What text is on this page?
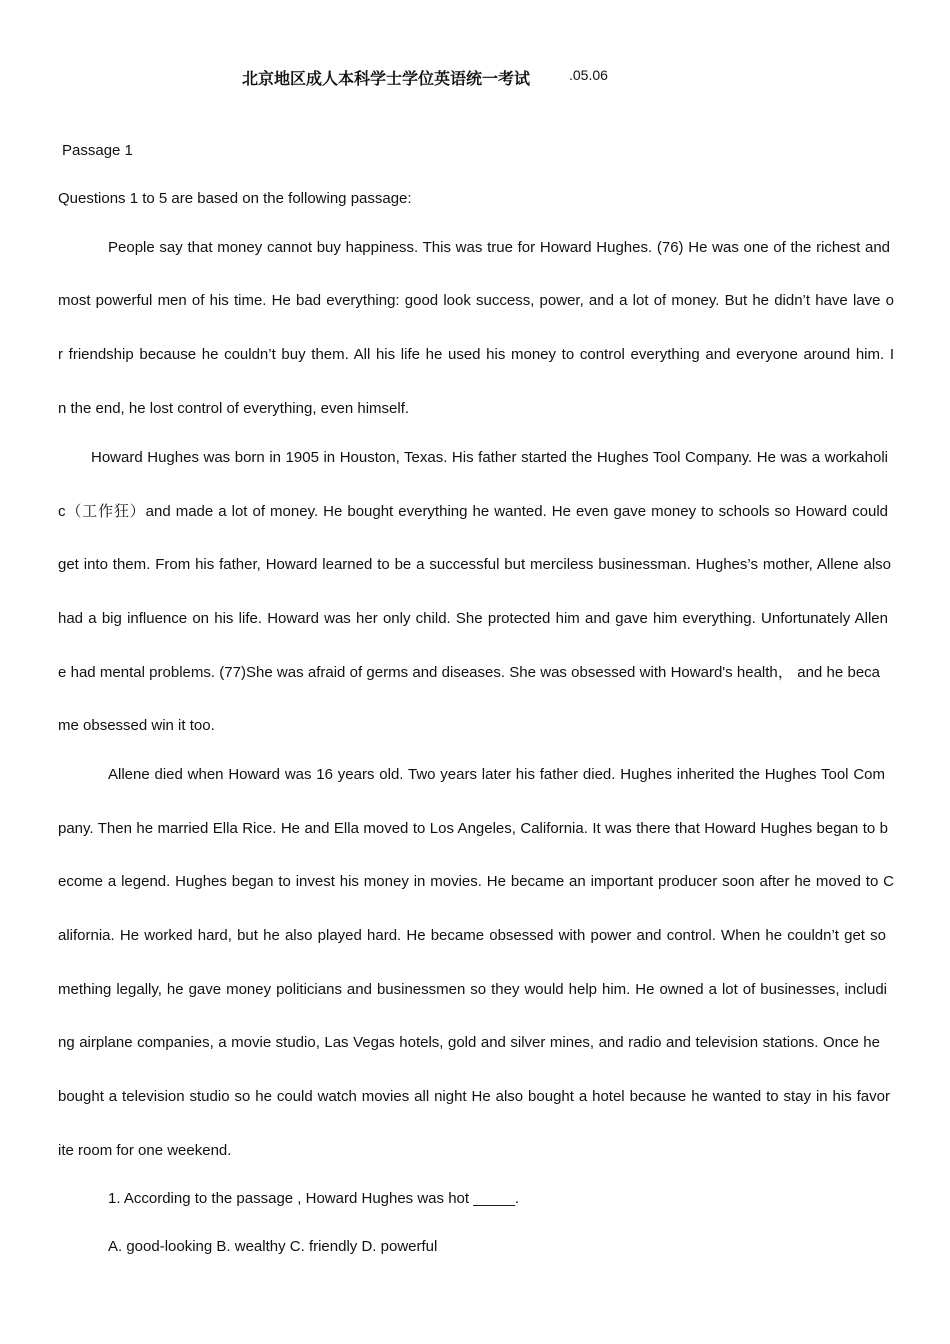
北京地区成人本科学士学位英语统一考试	.05.06
Passage 1
Questions 1 to 5 are based on the following passage:
People say that money cannot buy happiness. This was true for Howard Hughes. (76) He was one of the richest and
most powerful men of his time. He bad everything: good look success, power, and a lot of money. But he didn’t have lave o
r friendship because he couldn’t buy them. All his life he used his money to control everything and everyone around him. I
n the end, he lost control of everything, even himself.
Howard Hughes was born in 1905 in Houston, Texas. His father started the Hughes Tool Company. He was a workaholi
c（工作狂）and made a lot of money. He bought everything he wanted. He even gave money to schools so Howard could
get into them. From his father, Howard learned to be a successful but merciless businessman. Hughes’s mother, Allene also
had a big influence on his life. Howard was her only child. She protected him and gave him everything. Unfortunately Allen
e had mental problems. (77)She was afraid of germs and diseases. She was obsessed with Howard's health， and he beca
me obsessed win it too.
Allene died when Howard was 16 years old. Two years later his father died. Hughes inherited the Hughes Tool Com
pany. Then he married Ella Rice. He and Ella moved to Los Angeles, California. It was there that Howard Hughes began to b
ecome a legend. Hughes began to invest his money in movies. He became an important producer soon after he moved to C
alifornia. He worked hard, but he also played hard. He became obsessed with power and control. When he couldn’t get so
mething legally, he gave money politicians and businessmen so they would help him. He owned a lot of businesses, includi
ng airplane companies, a movie studio, Las Vegas hotels, gold and silver mines, and radio and television stations. Once he
bought a television studio so he could watch movies all night He also bought a hotel because he wanted to stay in his favor
ite room for one weekend.
1. According to the passage , Howard Hughes was hot _____.
A. good-looking B. wealthy C. friendly D. powerful
